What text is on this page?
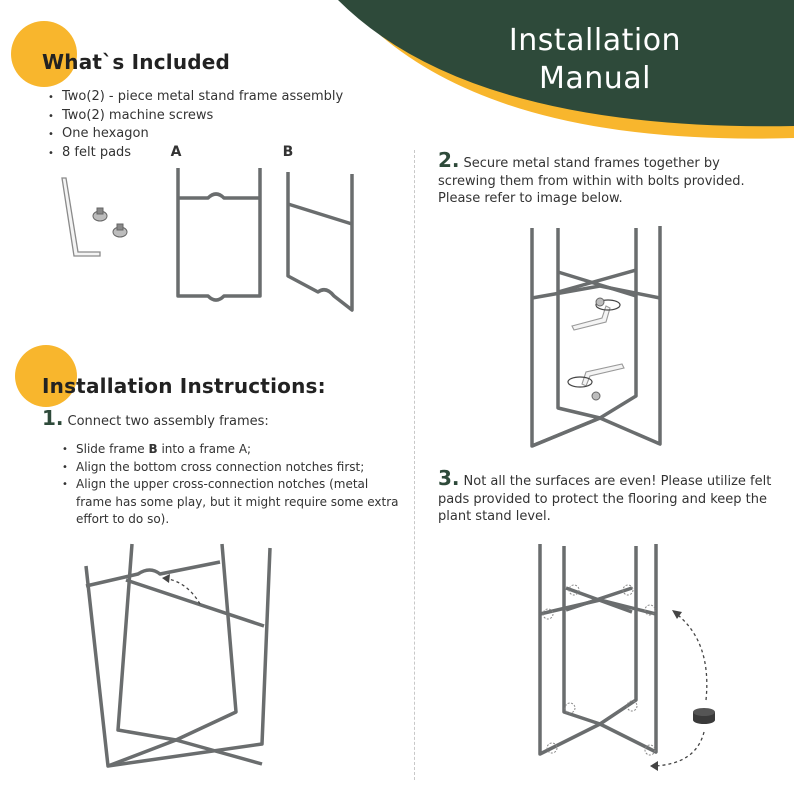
Installation
Manual
What`s Included
• Two(2) - piece metal stand frame assembly
• Two(2) machine screws
• One hexagon
• 8 felt pads	A	B
Installation Instructions:
1. Connect two assembly frames:
• Slide frame B into a frame A;
• Align the bottom cross connection notches first;
• Align the upper cross-connection notches (metal frame has some play, but it might require some extra effort to do so).
2. Secure metal stand frames together by screwing them from within with bolts provided. Please refer to image below.
3. Not all the surfaces are even! Please utilize felt pads provided to protect the flooring and keep the plant stand level.
